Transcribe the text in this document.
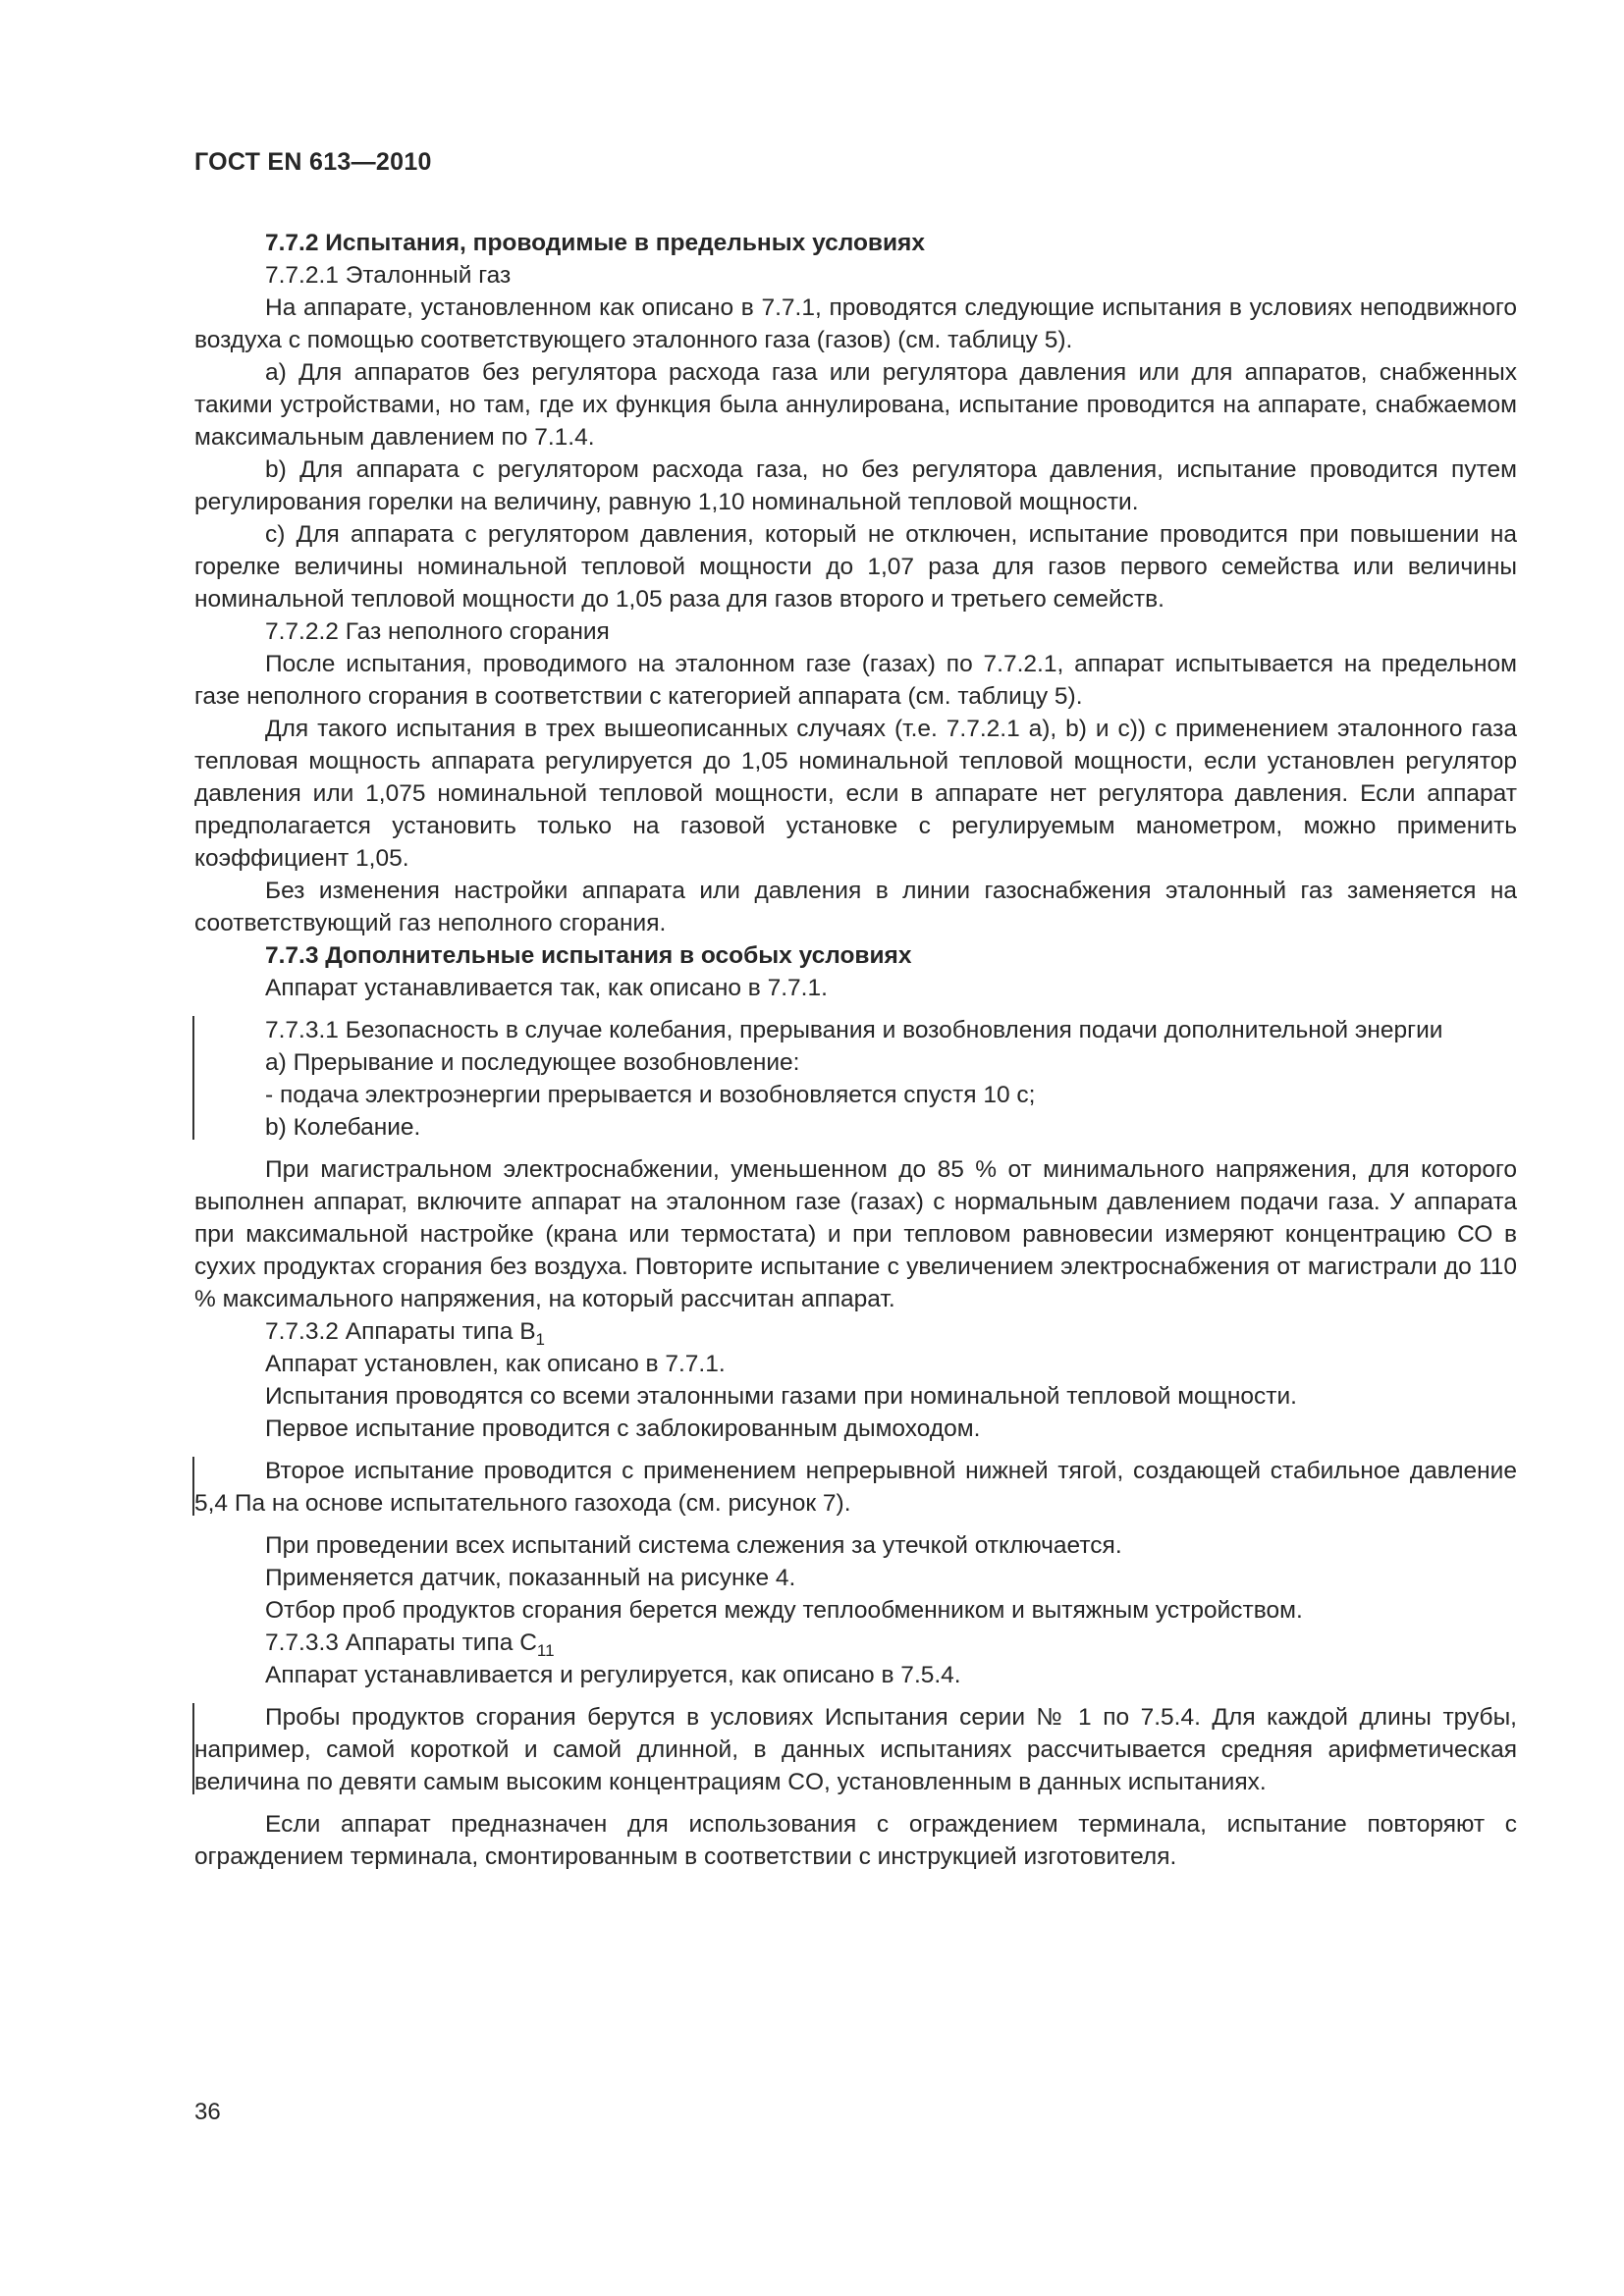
ГОСТ EN 613—2010

7.7.2 Испытания, проводимые в предельных условиях

7.7.2.1 Эталонный газ

На аппарате, установленном как описано в 7.7.1, проводятся следующие испытания в условиях неподвижного воздуха с помощью соответствующего эталонного газа (газов) (см. таблицу 5).

a) Для аппаратов без регулятора расхода газа или регулятора давления или для аппаратов, снабженных такими устройствами, но там, где их функция была аннулирована, испытание проводится на аппарате, снабжаемом максимальным давлением по 7.1.4.

b) Для аппарата с регулятором расхода газа, но без регулятора давления, испытание проводится путем регулирования горелки на величину, равную 1,10 номинальной тепловой мощности.

c) Для аппарата с регулятором давления, который не отключен, испытание проводится при повышении на горелке величины номинальной тепловой мощности до 1,07 раза для газов первого семейства или величины номинальной тепловой мощности до 1,05 раза для газов второго и третьего семейств.

7.7.2.2 Газ неполного сгорания

После испытания, проводимого на эталонном газе (газах) по 7.7.2.1, аппарат испытывается на предельном газе неполного сгорания в соответствии с категорией аппарата (см. таблицу 5).

Для такого испытания в трех вышеописанных случаях (т.е. 7.7.2.1 a), b) и c)) с применением эталонного газа тепловая мощность аппарата регулируется до 1,05 номинальной тепловой мощности, если установлен регулятор давления или 1,075 номинальной тепловой мощности, если в аппарате нет регулятора давления. Если аппарат предполагается установить только на газовой установке с регулируемым манометром, можно применить коэффициент 1,05.

Без изменения настройки аппарата или давления в линии газоснабжения эталонный газ заменяется на соответствующий газ неполного сгорания.

7.7.3 Дополнительные испытания в особых условиях

Аппарат устанавливается так, как описано в 7.7.1.

7.7.3.1 Безопасность в случае колебания, прерывания и возобновления подачи дополнительной энергии

a) Прерывание и последующее возобновление:

- подача электроэнергии прерывается и возобновляется спустя 10 с;

b) Колебание.

При магистральном электроснабжении, уменьшенном до 85 % от минимального напряжения, для которого выполнен аппарат, включите аппарат на эталонном газе (газах) с нормальным давлением подачи газа. У аппарата при максимальной настройке (крана или термостата) и при тепловом равновесии измеряют концентрацию СО в сухих продуктах сгорания без воздуха. Повторите испытание с увеличением электроснабжения от магистрали до 110 % максимального напряжения, на который рассчитан аппарат.

7.7.3.2 Аппараты типа $B_1$

Аппарат установлен, как описано в 7.7.1.

Испытания проводятся со всеми эталонными газами при номинальной тепловой мощности.

Первое испытание проводится с заблокированным дымоходом.

Второе испытание проводится с применением непрерывной нижней тягой, создающей стабильное давление 5,4 Па на основе испытательного газохода (см. рисунок 7).

При проведении всех испытаний система слежения за утечкой отключается.

Применяется датчик, показанный на рисунке 4.

Отбор проб продуктов сгорания берется между теплообменником и вытяжным устройством.

7.7.3.3 Аппараты типа $C_{11}$

Аппарат устанавливается и регулируется, как описано в 7.5.4.

Пробы продуктов сгорания берутся в условиях Испытания серии № 1 по 7.5.4. Для каждой длины трубы, например, самой короткой и самой длинной, в данных испытаниях рассчитывается средняя арифметическая величина по девяти самым высоким концентрациям CO, установленным в данных испытаниях.

Если аппарат предназначен для использования с ограждением терминала, испытание повторяют с ограждением терминала, смонтированным в соответствии с инструкцией изготовителя.

36
